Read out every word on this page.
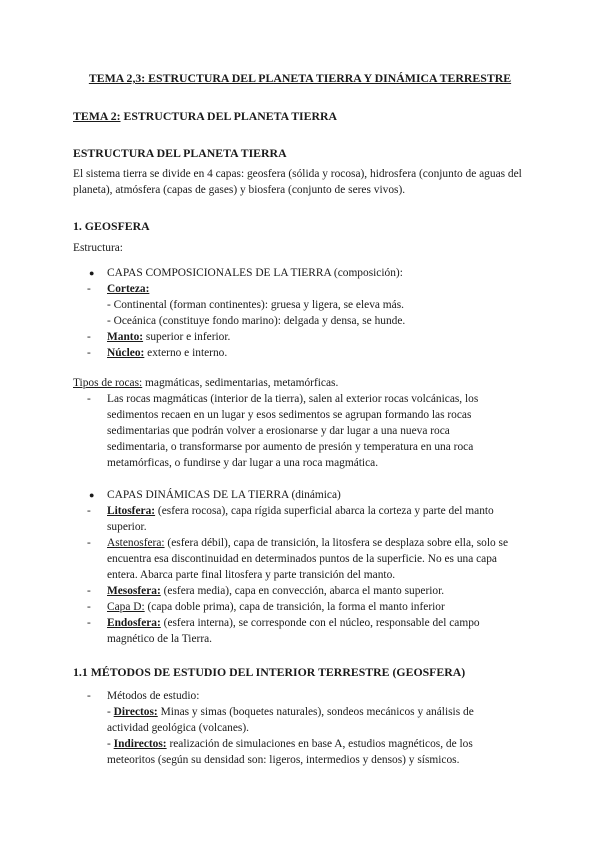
TEMA 2,3: ESTRUCTURA DEL PLANETA TIERRA Y DINÁMICA TERRESTRE
TEMA 2: ESTRUCTURA DEL PLANETA TIERRA
ESTRUCTURA DEL PLANETA TIERRA
El sistema tierra se divide en 4 capas: geosfera (sólida y rocosa), hidrosfera (conjunto de aguas del planeta), atmósfera (capas de gases) y biosfera (conjunto de seres vivos).
1. GEOSFERA
Estructura:
● CAPAS COMPOSICIONALES DE LA TIERRA (composición):
-	Corteza:
- Continental (forman continentes): gruesa y ligera, se eleva más.
- Oceánica (constituye fondo marino): delgada y densa, se hunde.
-	Manto: superior e inferior.
-	Núcleo: externo e interno.
Tipos de rocas: magmáticas, sedimentarias, metamórficas.
-	Las rocas magmáticas (interior de la tierra), salen al exterior rocas volcánicas, los sedimentos recaen en un lugar y esos sedimentos se agrupan formando las rocas sedimentarias que podrán volver a erosionarse y dar lugar a una nueva roca sedimentaria, o transformarse por aumento de presión y temperatura en una roca metamórficas, o fundirse y dar lugar a una roca magmática.
● CAPAS DINÁMICAS DE LA TIERRA (dinámica)
-	Litosfera: (esfera rocosa), capa rígida superficial abarca la corteza y parte del manto superior.
-	Astenosfera: (esfera débil), capa de transición, la litosfera se desplaza sobre ella, solo se encuentra esa discontinuidad en determinados puntos de la superficie. No es una capa entera. Abarca parte final litosfera y parte transición del manto.
-	Mesosfera: (esfera media), capa en convección, abarca el manto superior.
-	Capa D: (capa doble prima), capa de transición, la forma el manto inferior
-	Endosfera: (esfera interna), se corresponde con el núcleo, responsable del campo magnético de la Tierra.
1.1 MÉTODOS DE ESTUDIO DEL INTERIOR TERRESTRE (GEOSFERA)
-	Métodos de estudio:
- Directos: Minas y simas (boquetes naturales), sondeos mecánicos y análisis de actividad geológica (volcanes).
- Indirectos: realización de simulaciones en base A, estudios magnéticos, de los meteoritos (según su densidad son: ligeros, intermedios y densos) y sísmicos.
